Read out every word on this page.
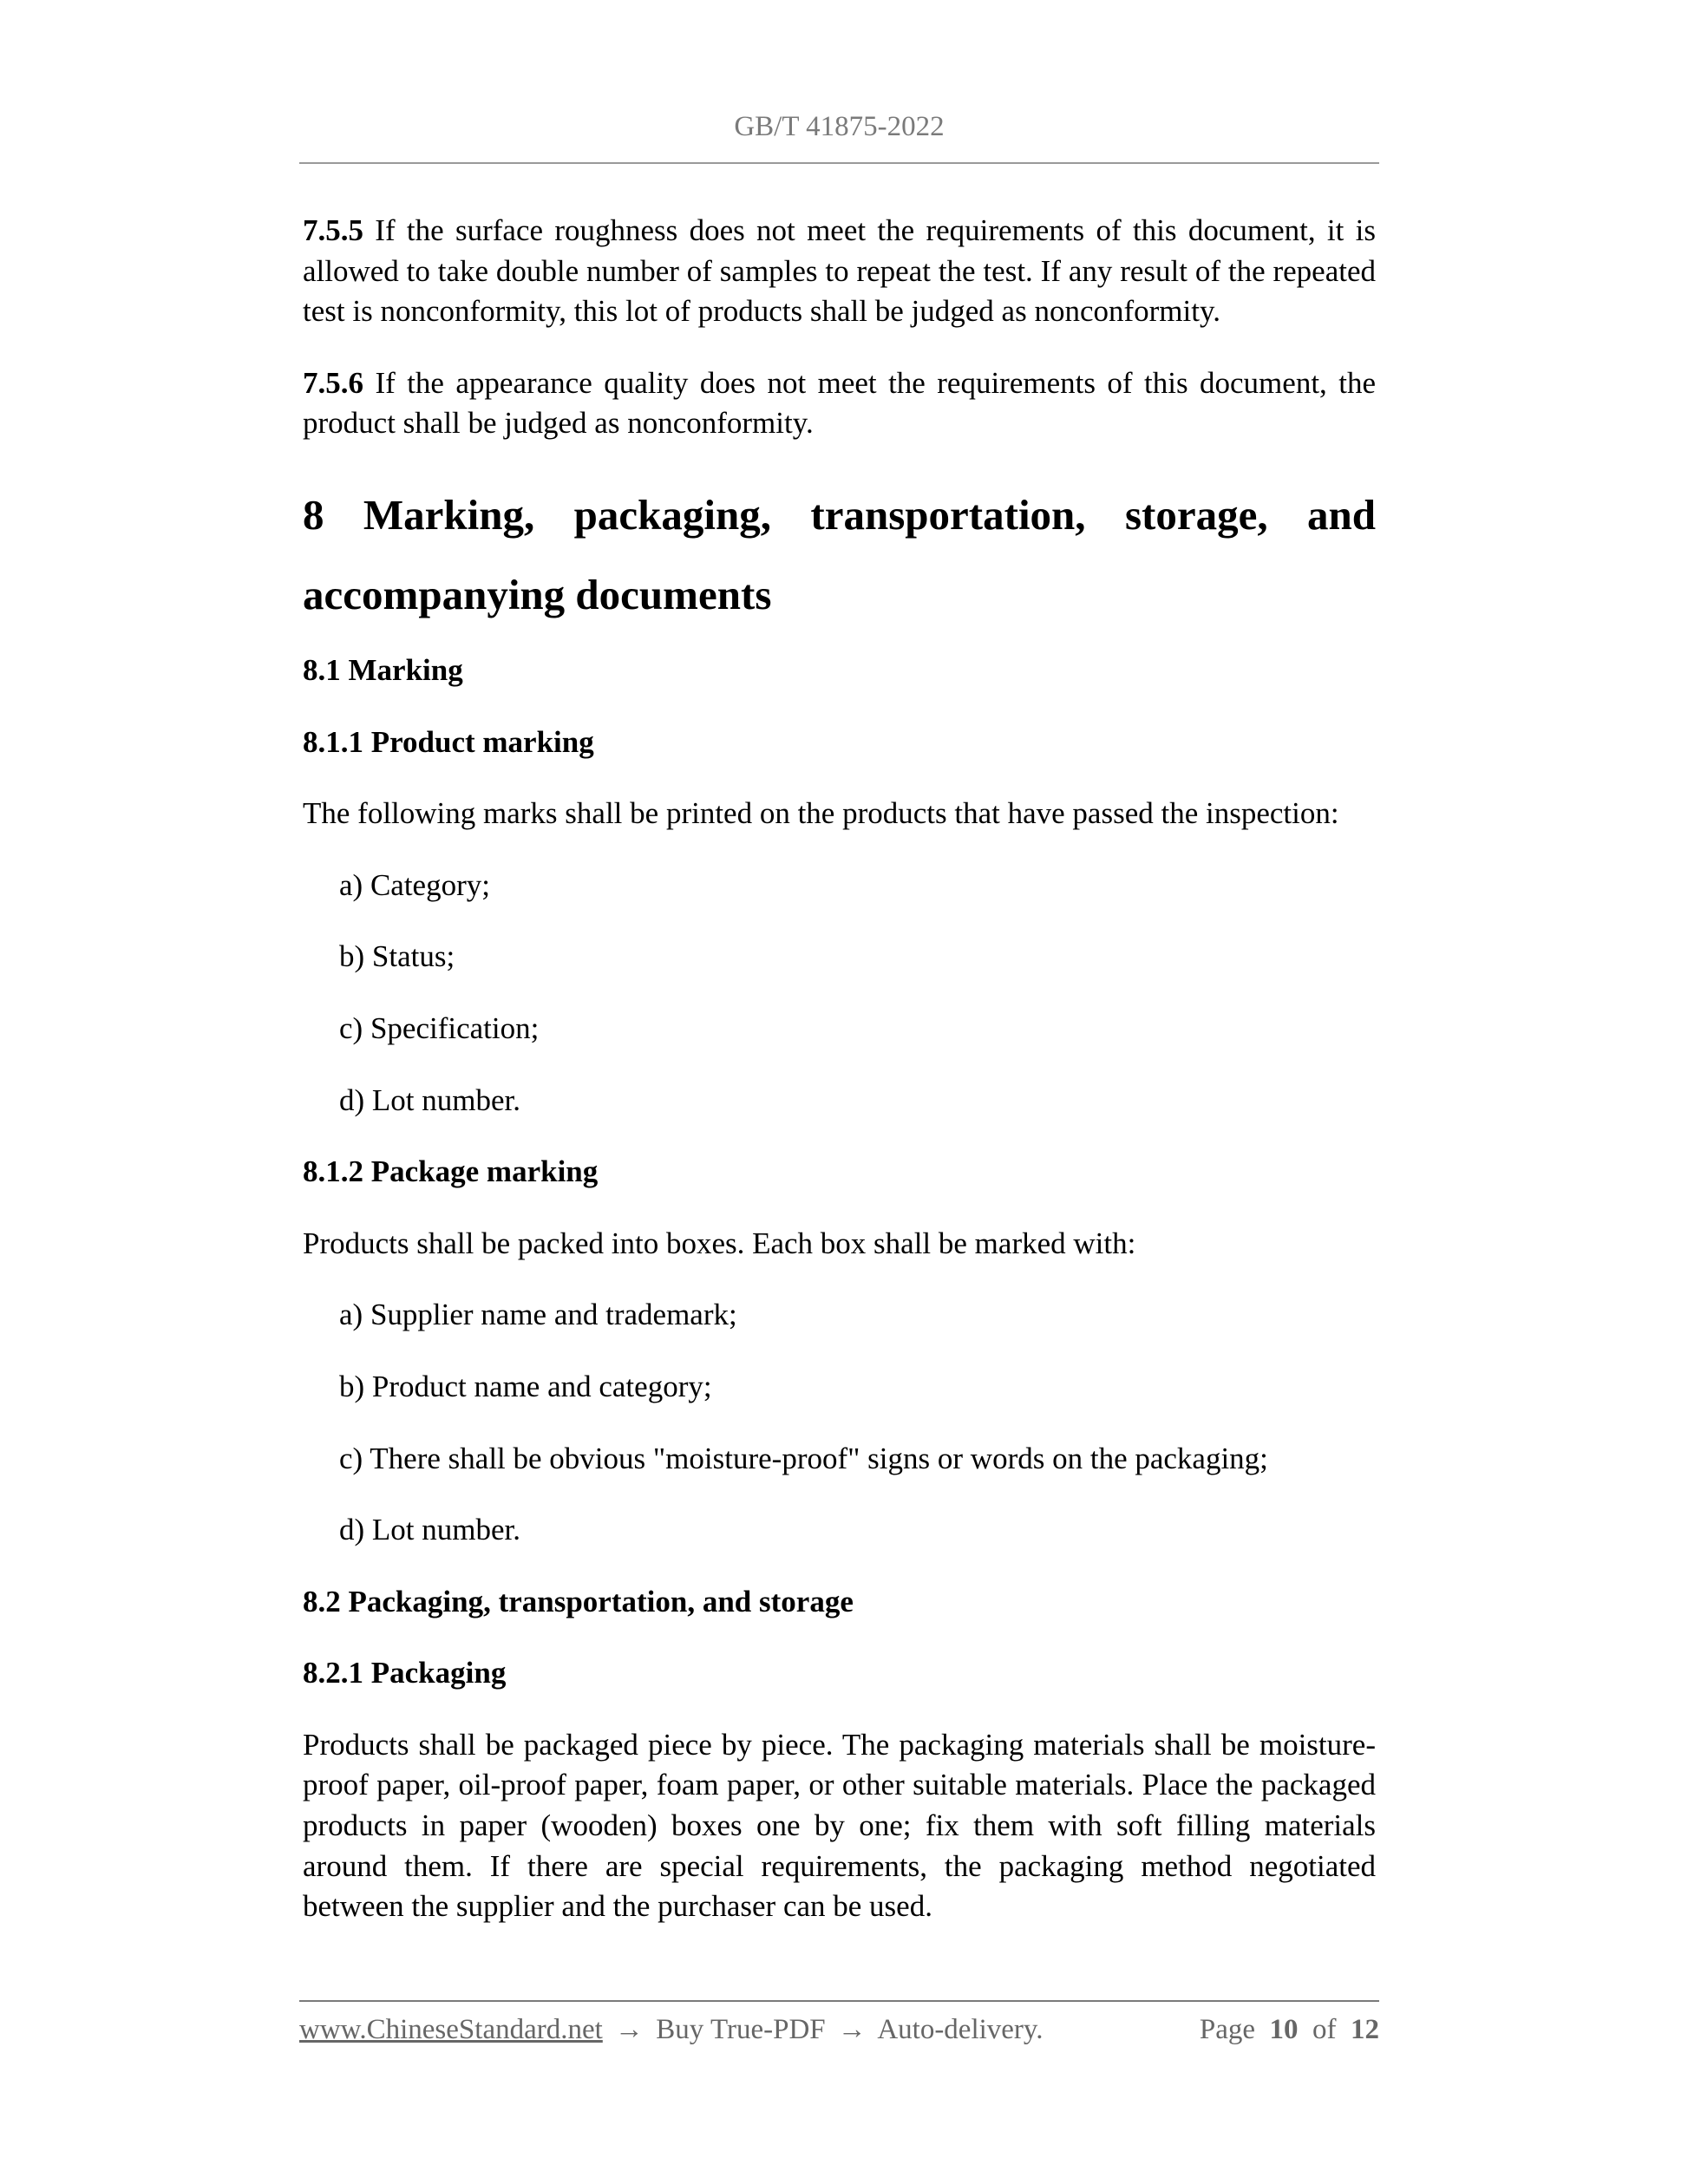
GB/T 41875-2022

7.5.5 If the surface roughness does not meet the requirements of this document, it is allowed to take double number of samples to repeat the test. If any result of the repeated test is nonconformity, this lot of products shall be judged as nonconformity.

7.5.6 If the appearance quality does not meet the requirements of this document, the product shall be judged as nonconformity.

8 Marking, packaging, transportation, storage, and
accompanying documents

8.1 Marking

8.1.1 Product marking

The following marks shall be printed on the products that have passed the inspection:

a) Category;

b) Status;

c) Specification;

d) Lot number.

8.1.2 Package marking

Products shall be packed into boxes. Each box shall be marked with:

a) Supplier name and trademark;

b) Product name and category;

c) There shall be obvious "moisture-proof" signs or words on the packaging;

d) Lot number.

8.2 Packaging, transportation, and storage

8.2.1 Packaging

Products shall be packaged piece by piece. The packaging materials shall be moisture-proof paper, oil-proof paper, foam paper, or other suitable materials. Place the packaged products in paper (wooden) boxes one by one; fix them with soft filling materials around them. If there are special requirements, the packaging method negotiated between the supplier and the purchaser can be used.

www.ChineseStandard.net → Buy True-PDF → Auto-delivery.	Page 10 of 12
